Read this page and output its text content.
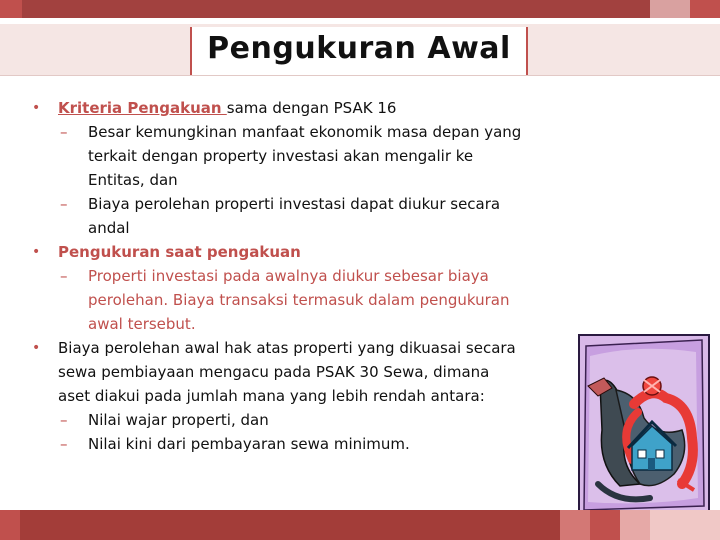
Pengukuran Awal
• Kriteria Pengakuan sama dengan PSAK 16
– Besar kemungkinan manfaat ekonomik masa depan yang
terkait dengan property investasi akan mengalir ke
Entitas, dan
– Biaya perolehan properti investasi dapat diukur secara
andal
• Pengukuran saat pengakuan
– Properti investasi pada awalnya diukur sebesar biaya
perolehan. Biaya transaksi termasuk dalam pengukuran
awal tersebut.
• Biaya perolehan awal hak atas properti yang dikuasai secara
sewa pembiayaan mengacu pada PSAK 30 Sewa, dimana
aset diakui pada jumlah mana yang lebih rendah antara:
– Nilai wajar properti, dan
– Nilai kini dari pembayaran sewa minimum.
